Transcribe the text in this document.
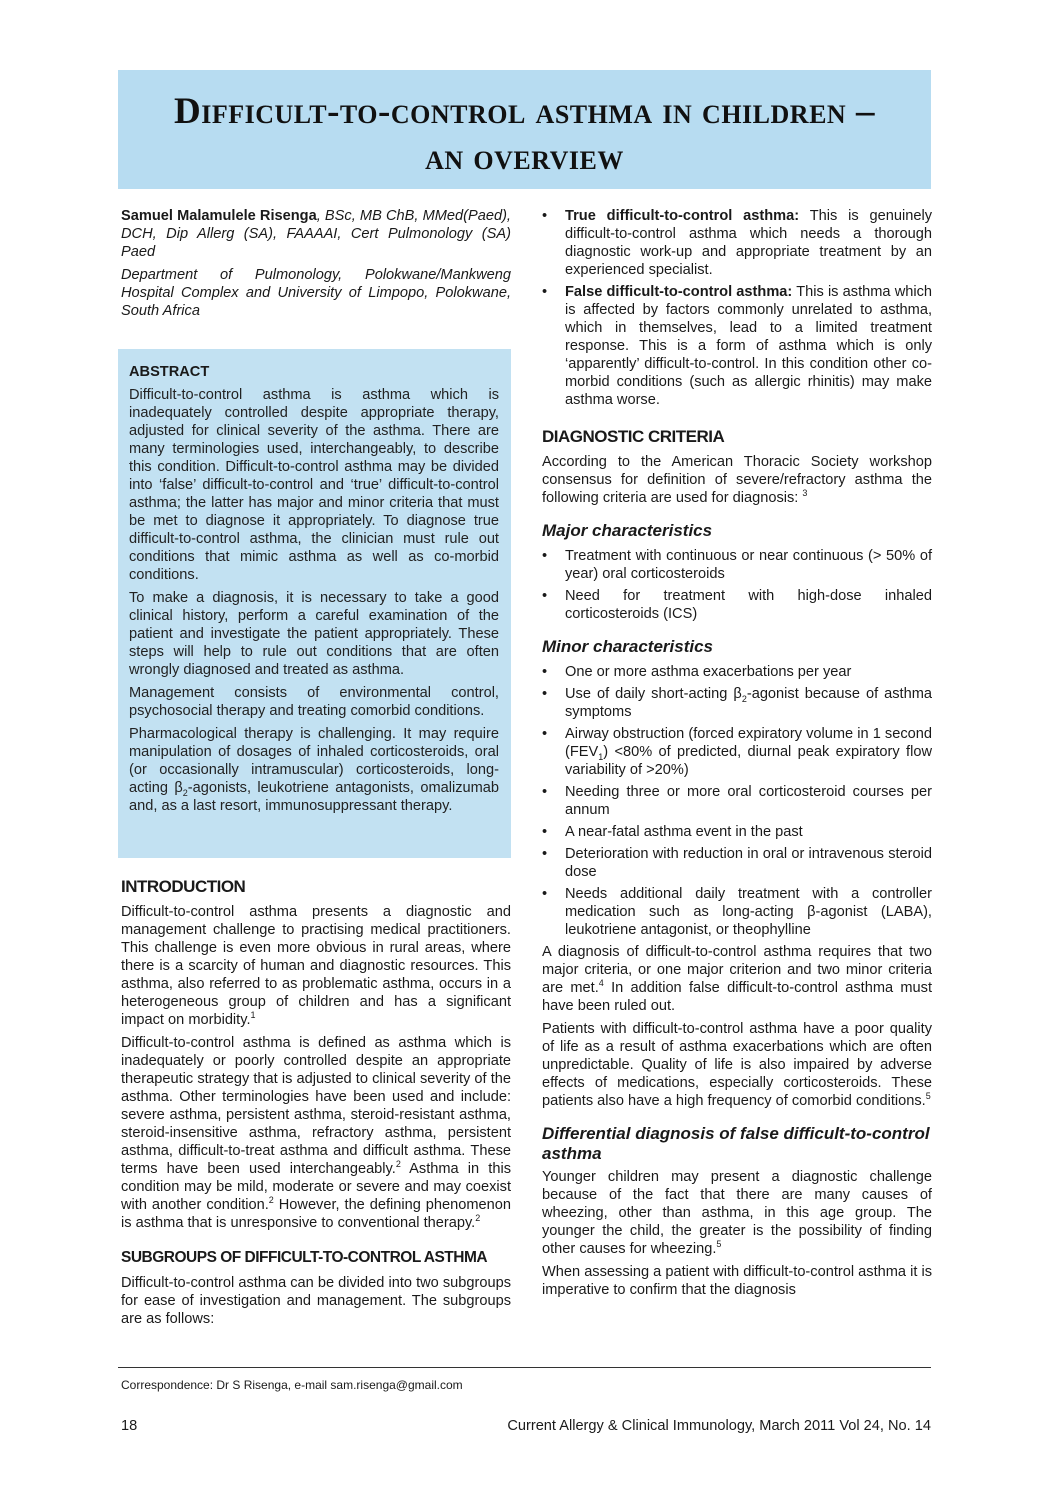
Difficult-to-control asthma in children –
an overview
Samuel Malamulele Risenga, BSc, MB ChB, MMed(Paed), DCH, Dip Allerg (SA), FAAAAI, Cert Pulmonology (SA) Paed
Department of Pulmonology, Polokwane/Mankweng Hospital Complex and University of Limpopo, Polokwane, South Africa
ABSTRACT

Difficult-to-control asthma is asthma which is inadequately controlled despite appropriate therapy, adjusted for clinical severity of the asthma. There are many terminologies used, interchangeably, to describe this condition. Difficult-to-control asthma may be divided into ‘false’ difficult-to-control and ‘true’ difficult-to-control asthma; the latter has major and minor criteria that must be met to diagnose it appropriately. To diagnose true difficult-to-control asthma, the clinician must rule out conditions that mimic asthma as well as co-morbid conditions.

To make a diagnosis, it is necessary to take a good clinical history, perform a careful examination of the patient and investigate the patient appropriately. These steps will help to rule out conditions that are often wrongly diagnosed and treated as asthma.

Management consists of environmental control, psychosocial therapy and treating comorbid conditions.

Pharmacological therapy is challenging. It may require manipulation of dosages of inhaled corticosteroids, oral (or occasionally intramuscular) corticosteroids, long-acting $\beta_2$-agonists, leukotriene antagonists, omalizumab and, as a last resort, immunosuppressant therapy.

INTRODUCTION

Difficult-to-control asthma presents a diagnostic and management challenge to practising medical practitioners. This challenge is even more obvious in rural areas, where there is a scarcity of human and diagnostic resources. This asthma, also referred to as problematic asthma, occurs in a heterogeneous group of children and has a significant impact on morbidity.$^1$

Difficult-to-control asthma is defined as asthma which is inadequately or poorly controlled despite an appropriate therapeutic strategy that is adjusted to clinical severity of the asthma. Other terminologies have been used and include: severe asthma, persistent asthma, steroid-resistant asthma, steroid-insensitive asthma, refractory asthma, persistent asthma, difficult-to-treat asthma and difficult asthma. These terms have been used interchangeably.$^2$ Asthma in this condition may be mild, moderate or severe and may coexist with another condition.$^2$ However, the defining phenomenon is asthma that is unresponsive to conventional therapy.$^2$

SUBGROUPS OF DIFFICULT-TO-CONTROL ASTHMA

Difficult-to-control asthma can be divided into two subgroups for ease of investigation and management. The subgroups are as follows:

• True difficult-to-control asthma: This is genuinely difficult-to-control asthma which needs a thorough diagnostic work-up and appropriate treatment by an experienced specialist.
• False difficult-to-control asthma: This is asthma which is affected by factors commonly unrelated to asthma, which in themselves, lead to a limited treatment response. This is a form of asthma which is only ‘apparently’ difficult-to-control. In this condition other co-morbid conditions (such as allergic rhinitis) may make asthma worse.
DIAGNOSTIC CRITERIA

According to the American Thoracic Society workshop consensus for definition of severe/refractory asthma the following criteria are used for diagnosis: $^3$

Major characteristics
• Treatment with continuous or near continuous (> 50% of year) oral corticosteroids
• Need for treatment with high-dose inhaled corticosteroids (ICS)
Minor characteristics
• One or more asthma exacerbations per year
• Use of daily short-acting $\beta_2$-agonist because of asthma symptoms
• Airway obstruction (forced expiratory volume in 1 second $(FEV_1) <80\%$ of predicted, diurnal peak expiratory flow variability of >20%)
• Needing three or more oral corticosteroid courses per annum
• A near-fatal asthma event in the past
• Deterioration with reduction in oral or intravenous steroid dose
• Needs additional daily treatment with a controller medication such as long-acting β-agonist (LABA), leukotriene antagonist, or theophylline

A diagnosis of difficult-to-control asthma requires that two major criteria, or one major criterion and two minor criteria are met.$^4$ In addition false difficult-to-control asthma must have been ruled out.

Patients with difficult-to-control asthma have a poor quality of life as a result of asthma exacerbations which are often unpredictable. Quality of life is also impaired by adverse effects of medications, especially corticosteroids. These patients also have a high frequency of comorbid conditions.$^5$

Differential diagnosis of false difficult-to-control asthma

Younger children may present a diagnostic challenge because of the fact that there are many causes of wheezing, other than asthma, in this age group. The younger the child, the greater is the possibility of finding other causes for wheezing.$^5$

When assessing a patient with difficult-to-control asthma it is imperative to confirm that the diagnosis

Correspondence: Dr S Risenga, e-mail sam.risenga@gmail.com
18	Current Allergy & Clinical Immunology, March 2011 Vol 24, No. 14
